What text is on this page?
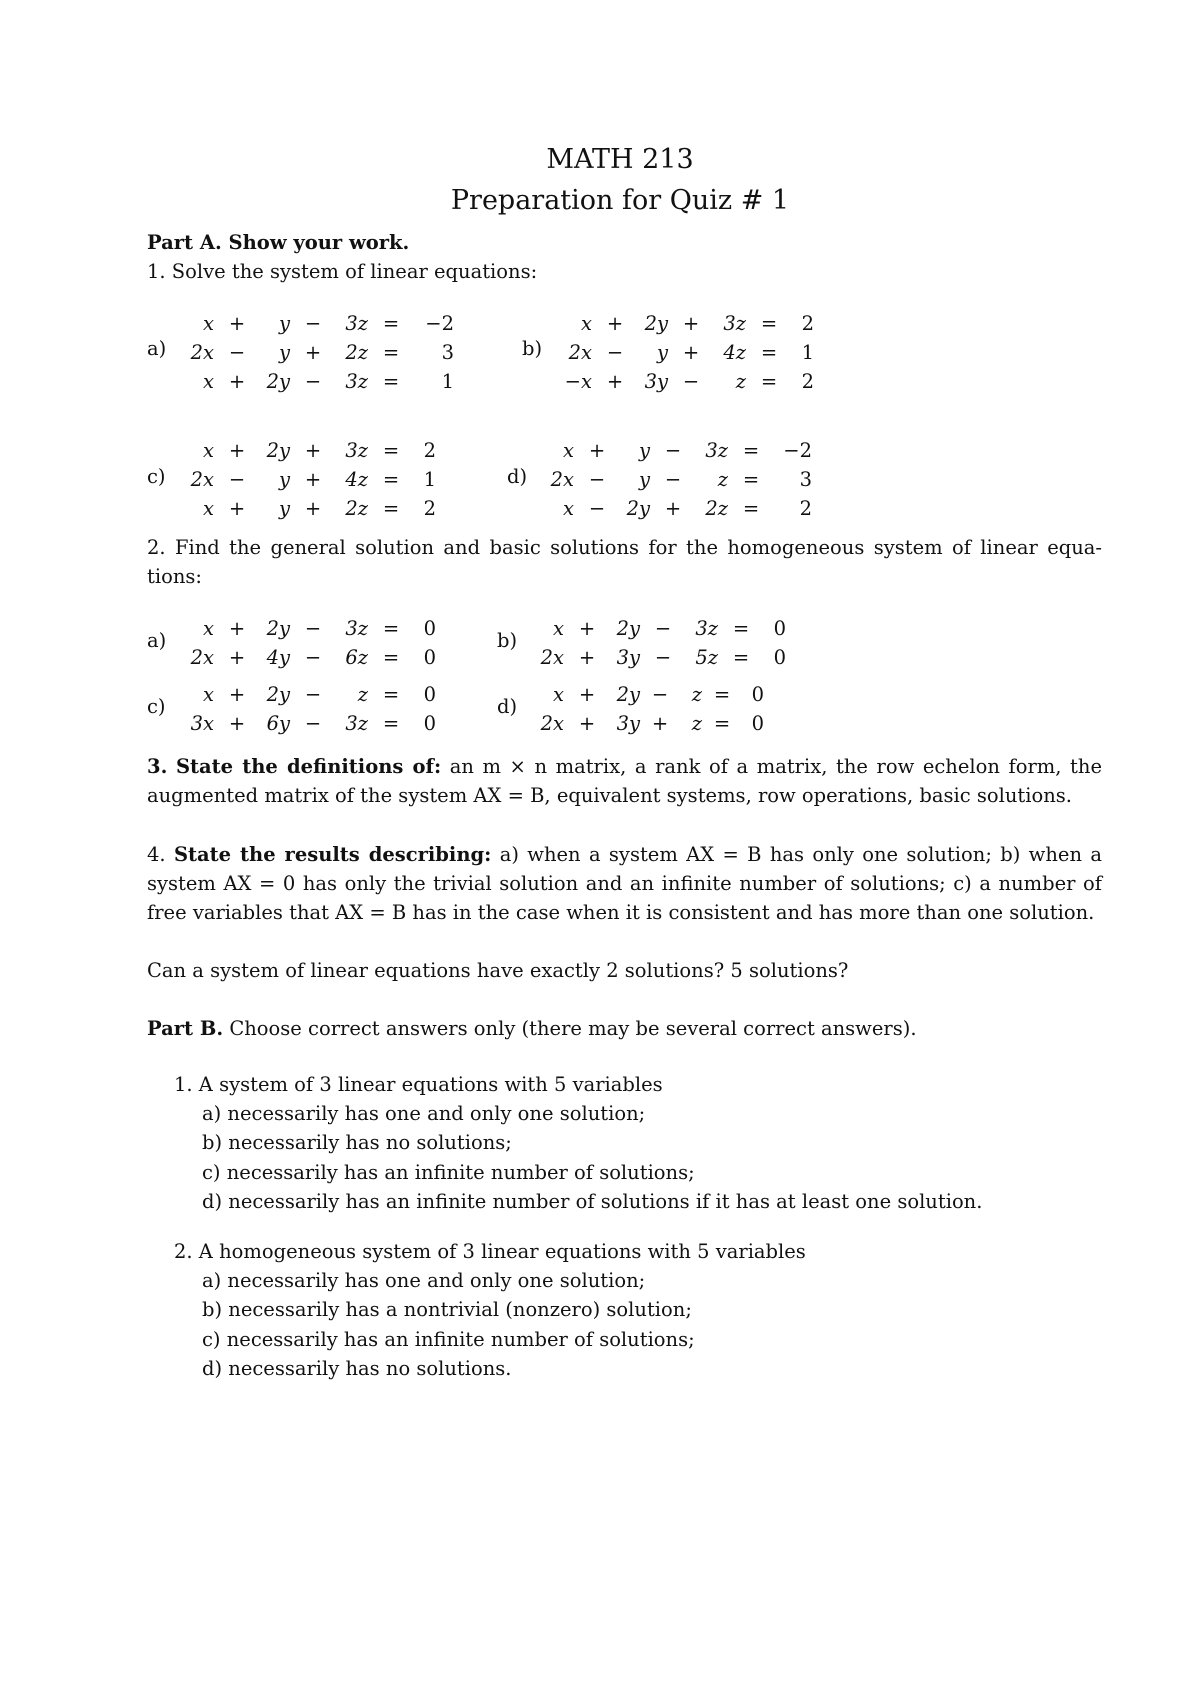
MATH 213
Preparation for Quiz # 1
Part A. Show your work.
1. Solve the system of linear equations:
a)
x	+	y	−	3z	=	−2
2x	−	y	+	2z	=	3
x	+	2y	−	3z	=	1
b)
x	+	2y	+	3z	=	2
2x	−	y	+	4z	=	1
−x	+	3y	−	z	=	2
c)
x	+	2y	+	3z	=	2
2x	−	y	+	4z	=	1
x	+	y	+	2z	=	2
d)
x	+	y	−	3z	=	−2
2x	−	y	−	z	=	3
x	−	2y	+	2z	=	2
2. Find the general solution and basic solutions for the homogeneous system of linear equa- tions:
a)
x	+	2y	−	3z	=	0
2x	+	4y	−	6z	=	0
b)
x	+	2y	−	3z	=	0
2x	+	3y	−	5z	=	0
c)
x	+	2y	−	z	=	0
3x	+	6y	−	3z	=	0
d)
x	+	2y	−	z	=	0
2x	+	3y	+	z	=	0
3. State the definitions of: an m × n matrix, a rank of a matrix, the row echelon form, the augmented matrix of the system AX = B, equivalent systems, row operations, basic solutions.
4. State the results describing: a) when a system AX = B has only one solution; b) when a system AX = 0 has only the trivial solution and an infinite number of solutions; c) a number of free variables that AX = B has in the case when it is consistent and has more than one solution.
Can a system of linear equations have exactly 2 solutions? 5 solutions?
Part B. Choose correct answers only (there may be several correct answers).
1. A system of 3 linear equations with 5 variables
a) necessarily has one and only one solution;
b) necessarily has no solutions;
c) necessarily has an infinite number of solutions;
d) necessarily has an infinite number of solutions if it has at least one solution.
2. A homogeneous system of 3 linear equations with 5 variables
a) necessarily has one and only one solution;
b) necessarily has a nontrivial (nonzero) solution;
c) necessarily has an infinite number of solutions;
d) necessarily has no solutions.
